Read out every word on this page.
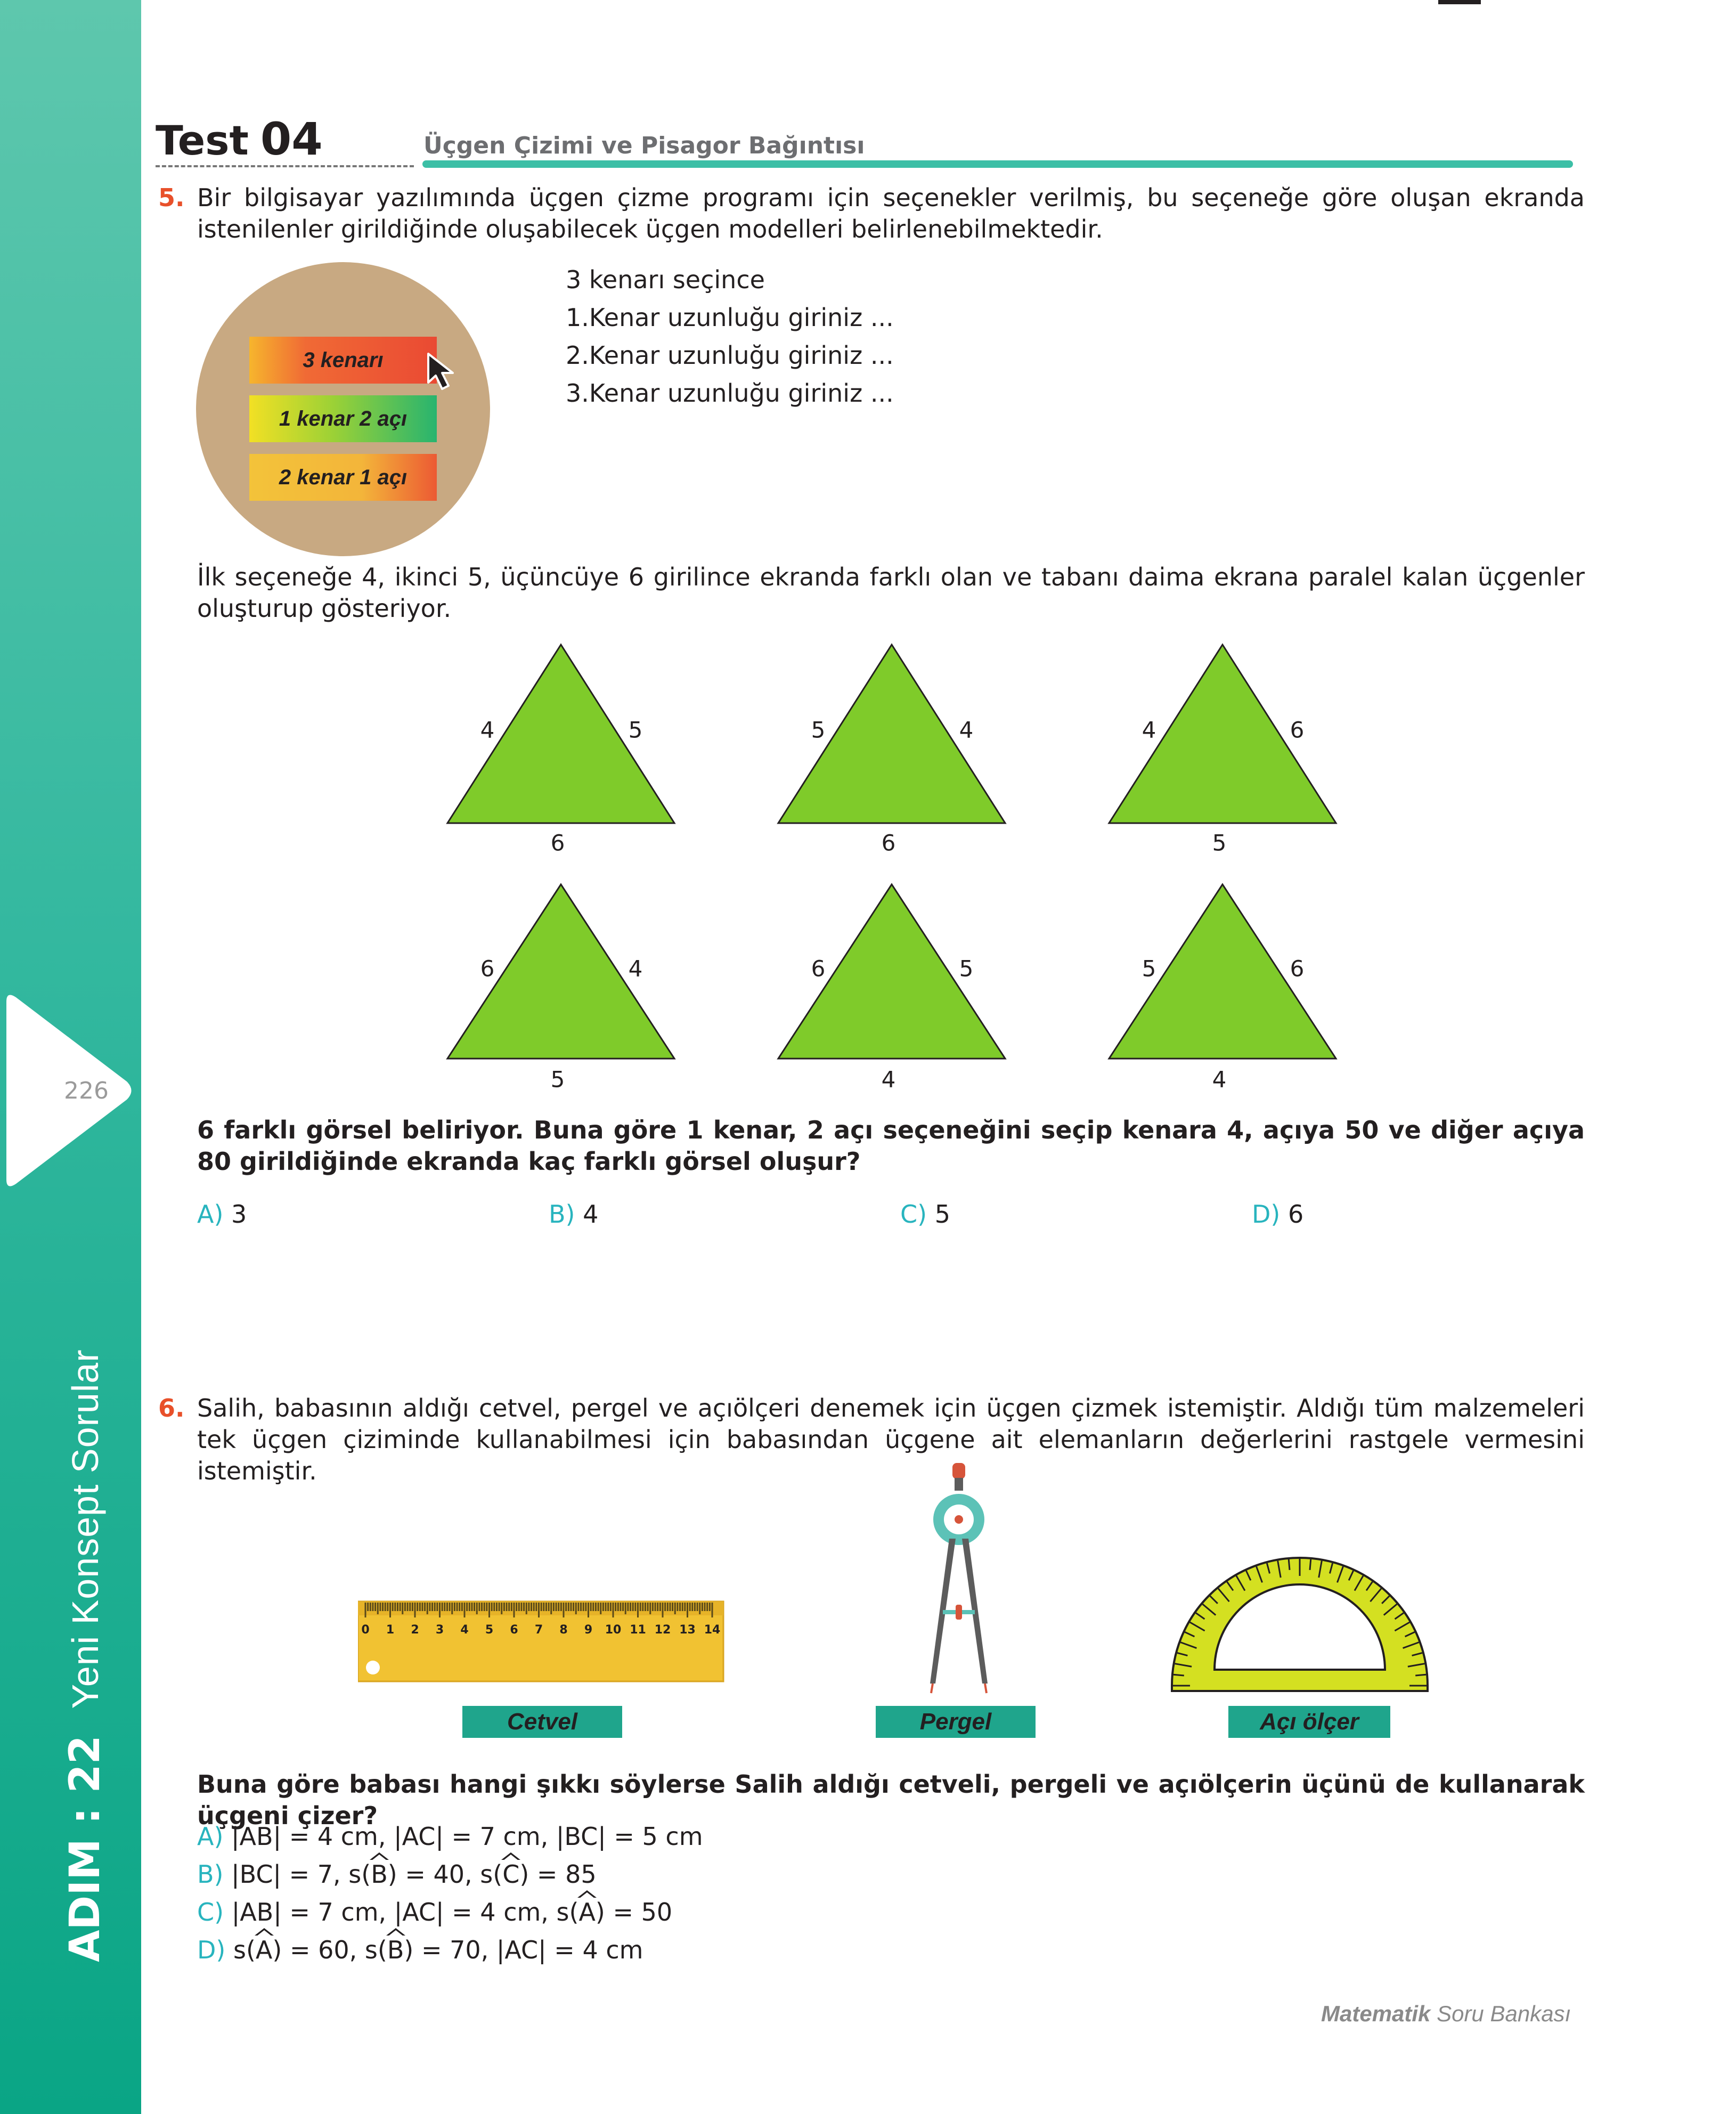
226
Yeni Konsept Sorular
ADIM : 22
Test 04	Üçgen Çizimi ve Pisagor Bağıntısı
5. Bir bilgisayar yazılımında üçgen çizme programı için seçenekler verilmiş, bu seçeneğe göre oluşan ekranda istenilenler girildiğinde oluşabilecek üçgen modelleri belirlenebilmektedir.
3 kenarı
1 kenar 2 açı
2 kenar 1 açı
3 kenarı seçince
1.Kenar uzunluğu giriniz ...
2.Kenar uzunluğu giriniz ...
3.Kenar uzunluğu giriniz ...
İlk seçeneğe 4, ikinci 5, üçüncüye 6 girilince ekranda farklı olan ve tabanı daima ekrana paralel kalan üçgenler oluşturup gösteriyor.
4	5
6
5	4
6
4	6
5
6	4
5
6	5
4
5	6
4
6 farklı görsel beliriyor. Buna göre 1 kenar, 2 açı seçeneğini seçip kenara 4, açıya 50 ve diğer açıya 80 girildiğinde ekranda kaç farklı görsel oluşur?
A) 3	B) 4	C) 5	D) 6
6. Salih, babasının aldığı cetvel, pergel ve açıölçeri denemek için üçgen çizmek istemiştir. Aldığı tüm malzemeleri tek üçgen çiziminde kullanabilmesi için babasından üçgene ait elemanların değerlerini rastgele vermesini istemiştir.
0 1 2 3 4 5 6 7 8 9 10 11 12 13 14
Cetvel	Pergel	Açı ölçer
Buna göre babası hangi şıkkı söylerse Salih aldığı cetveli, pergeli ve açıölçerin üçünü de kullanarak üçgeni çizer?
A) |AB| = 4 cm, |AC| = 7 cm, |BC| = 5 cm
B) |BC| = 7, s(B) = 40, s(C) = 85
C) |AB| = 7 cm, |AC| = 4 cm, s(A) = 50
D) s(A) = 60, s(B) = 70, |AC| = 4 cm
Matematik Soru Bankası
